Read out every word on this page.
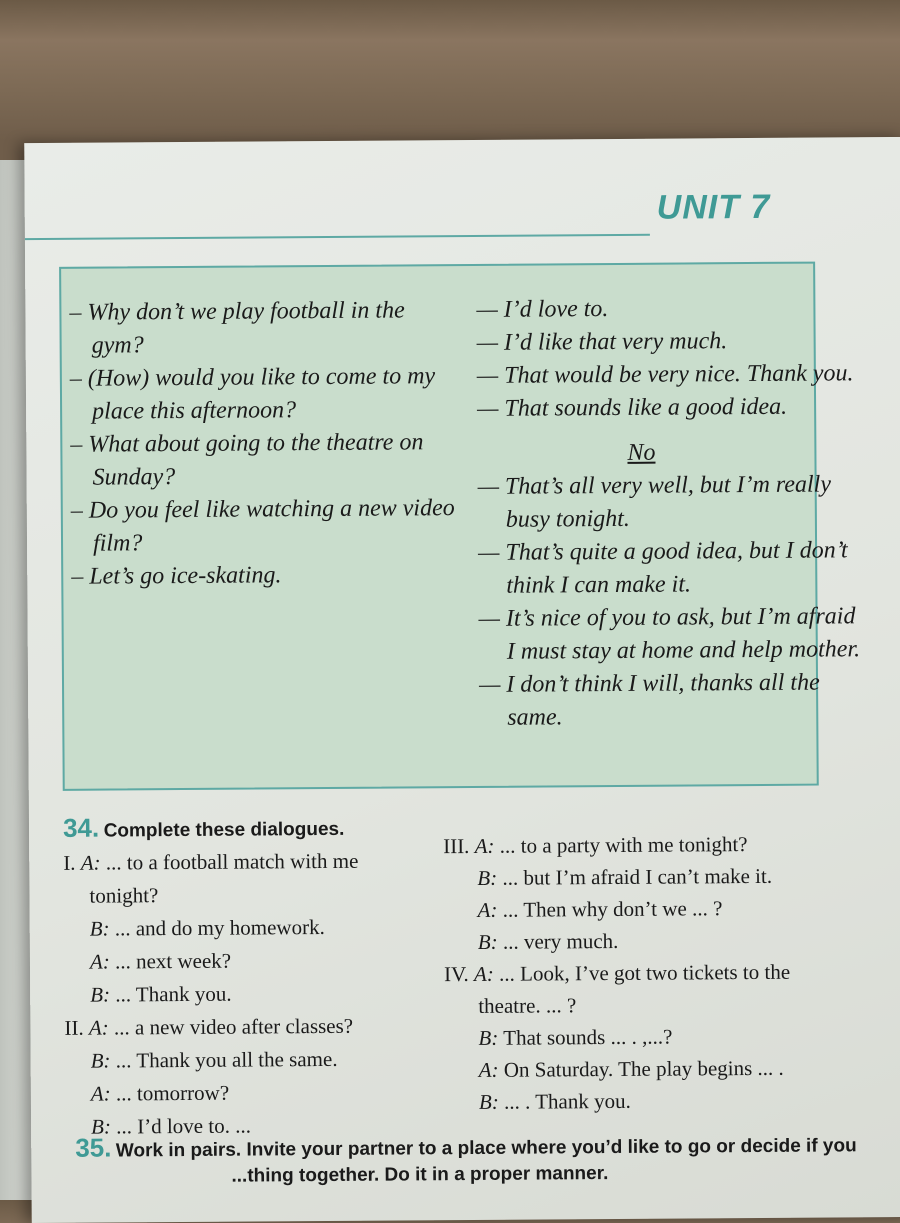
UNIT 7
– Why don’t we play football in the
gym?
– (How) would you like to come to my
place this afternoon?
– What about going to the theatre on
Sunday?
– Do you feel like watching a new video
film?
– Let’s go ice-skating.
— I’d love to.
— I’d like that very much.
— That would be very nice. Thank you.
— That sounds like a good idea.
No
— That’s all very well, but I’m really
busy tonight.
— That’s quite a good idea, but I don’t
think I can make it.
— It’s nice of you to ask, but I’m afraid
I must stay at home and help mother.
— I don’t think I will, thanks all the
same.
34. Complete these dialogues.
I. A: ... to a football match with me
tonight?
B: ... and do my homework.
A: ... next week?
B: ... Thank you.
II. A: ... a new video after classes?
B: ... Thank you all the same.
A: ... tomorrow?
B: ... I’d love to. ...
III. A: ... to a party with me tonight?
B: ... but I’m afraid I can’t make it.
A: ... Then why don’t we ... ?
B: ... very much.
IV. A: ... Look, I’ve got two tickets to the
theatre. ... ?
B: That sounds ... . ,...?
A: On Saturday. The play begins ... .
B: ... . Thank you.
35. Work in pairs. Invite your partner to a place where you’d like to go or decide if you
...thing together. Do it in a proper manner.
